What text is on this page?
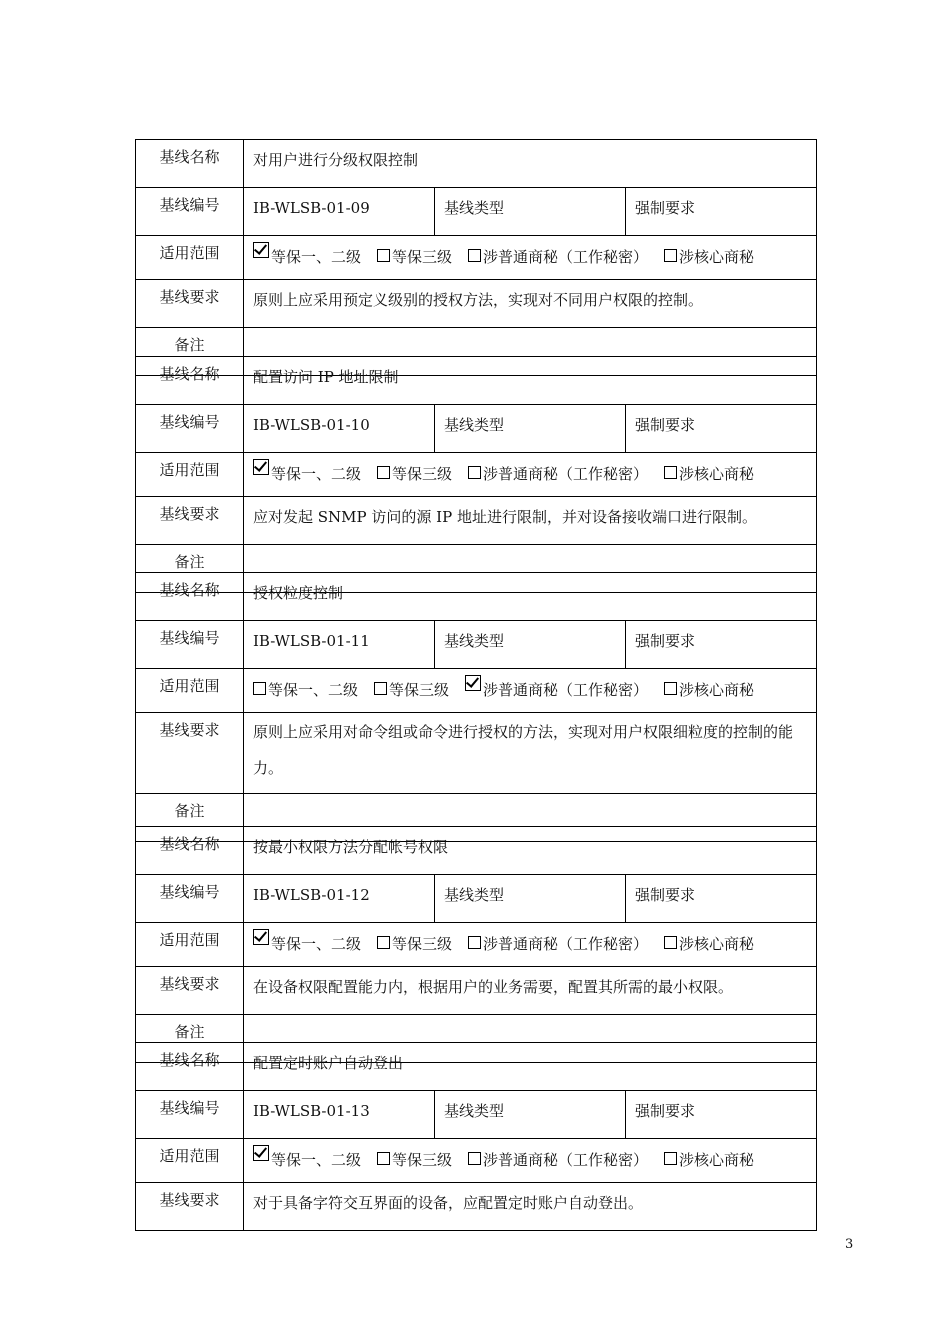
基线名称	对用户进行分级权限控制		
基线编号	IB-WLSB-01-09	基线类型	强制要求
适用范围	等保一、二级 等保三级 涉普通商秘（工作秘密） 涉核心商秘		
基线要求	原则上应采用预定义级别的授权方法，实现对不同用户权限的控制。		
备注			
基线名称	配置访问 IP 地址限制		
基线编号	IB-WLSB-01-10	基线类型	强制要求
适用范围	等保一、二级 等保三级 涉普通商秘（工作秘密） 涉核心商秘		
基线要求	应对发起 SNMP 访问的源 IP 地址进行限制，并对设备接收端口进行限制。		
备注			
基线名称	授权粒度控制		
基线编号	IB-WLSB-01-11	基线类型	强制要求
适用范围	等保一、二级 等保三级 涉普通商秘（工作秘密） 涉核心商秘		
基线要求	原则上应采用对命令组或命令进行授权的方法，实现对用户权限细粒度的控制的能力。		
备注			
基线名称	按最小权限方法分配帐号权限		
基线编号	IB-WLSB-01-12	基线类型	强制要求
适用范围	等保一、二级 等保三级 涉普通商秘（工作秘密） 涉核心商秘		
基线要求	在设备权限配置能力内，根据用户的业务需要，配置其所需的最小权限。		
备注			
基线名称	配置定时账户自动登出		
基线编号	IB-WLSB-01-13	基线类型	强制要求
适用范围	等保一、二级 等保三级 涉普通商秘（工作秘密） 涉核心商秘		
基线要求	对于具备字符交互界面的设备，应配置定时账户自动登出。		
3
